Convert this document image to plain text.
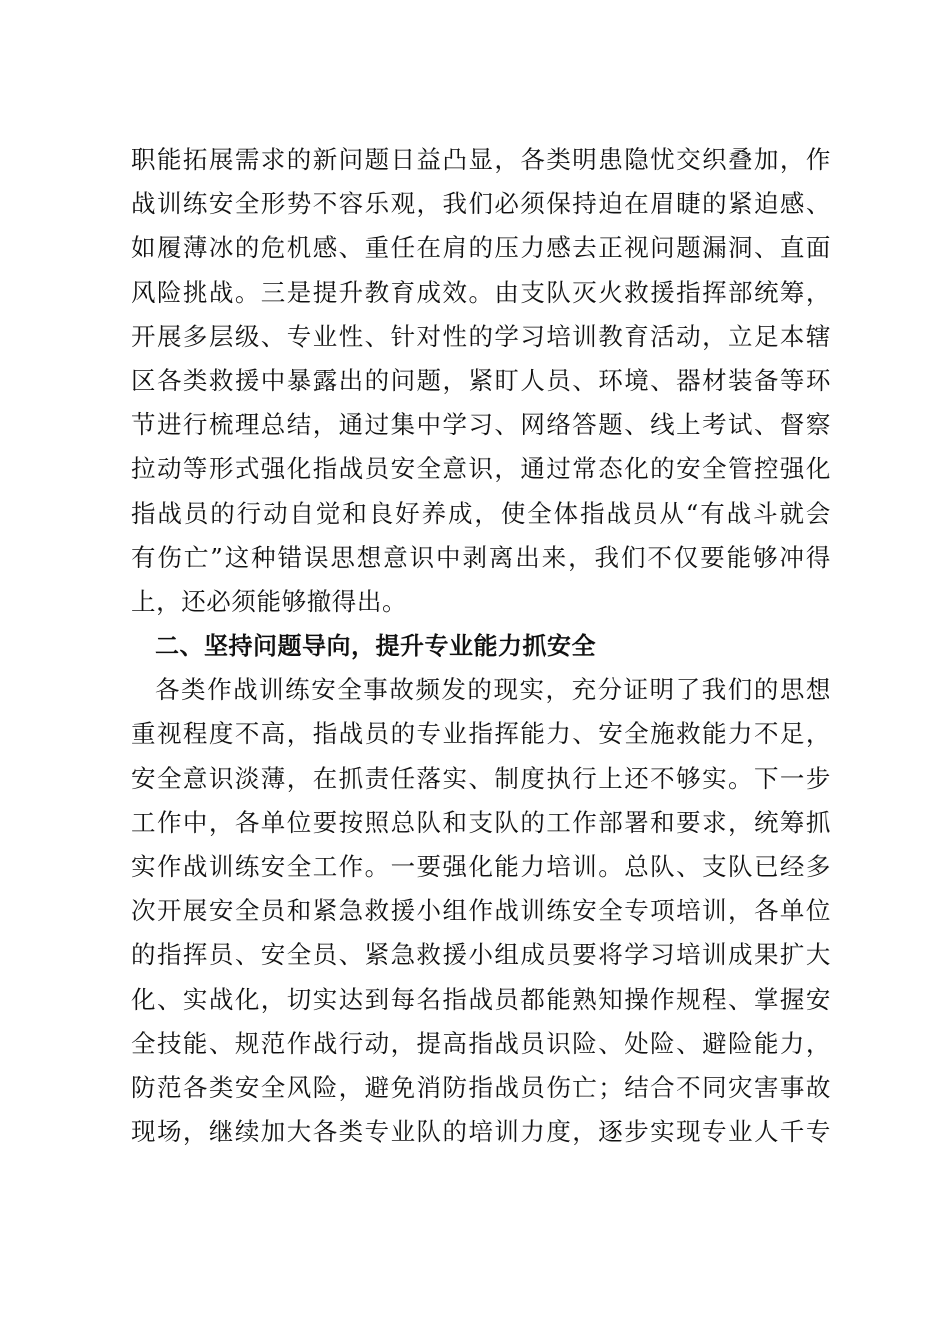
职能拓展需求的新问题日益凸显，各类明患隐忧交织叠加，作
战训练安全形势不容乐观，我们必须保持迫在眉睫的紧迫感、
如履薄冰的危机感、重任在肩的压力感去正视问题漏洞、直面
风险挑战。三是提升教育成效。由支队灭火救援指挥部统筹，
开展多层级、专业性、针对性的学习培训教育活动，立足本辖
区各类救援中暴露出的问题，紧盯人员、环境、器材装备等环
节进行梳理总结，通过集中学习、网络答题、线上考试、督察
拉动等形式强化指战员安全意识，通过常态化的安全管控强化
指战员的行动自觉和良好养成，使全体指战员从“有战斗就会
有伤亡”这种错误思想意识中剥离出来，我们不仅要能够冲得
上，还必须能够撤得出。
二、坚持问题导向，提升专业能力抓安全
各类作战训练安全事故频发的现实，充分证明了我们的思想
重视程度不高，指战员的专业指挥能力、安全施救能力不足，
安全意识淡薄，在抓责任落实、制度执行上还不够实。下一步
工作中，各单位要按照总队和支队的工作部署和要求，统筹抓
实作战训练安全工作。一要强化能力培训。总队、支队已经多
次开展安全员和紧急救援小组作战训练安全专项培训，各单位
的指挥员、安全员、紧急救援小组成员要将学习培训成果扩大
化、实战化，切实达到每名指战员都能熟知操作规程、掌握安
全技能、规范作战行动，提高指战员识险、处险、避险能力，
防范各类安全风险，避免消防指战员伤亡；结合不同灾害事故
现场，继续加大各类专业队的培训力度，逐步实现专业人千专
